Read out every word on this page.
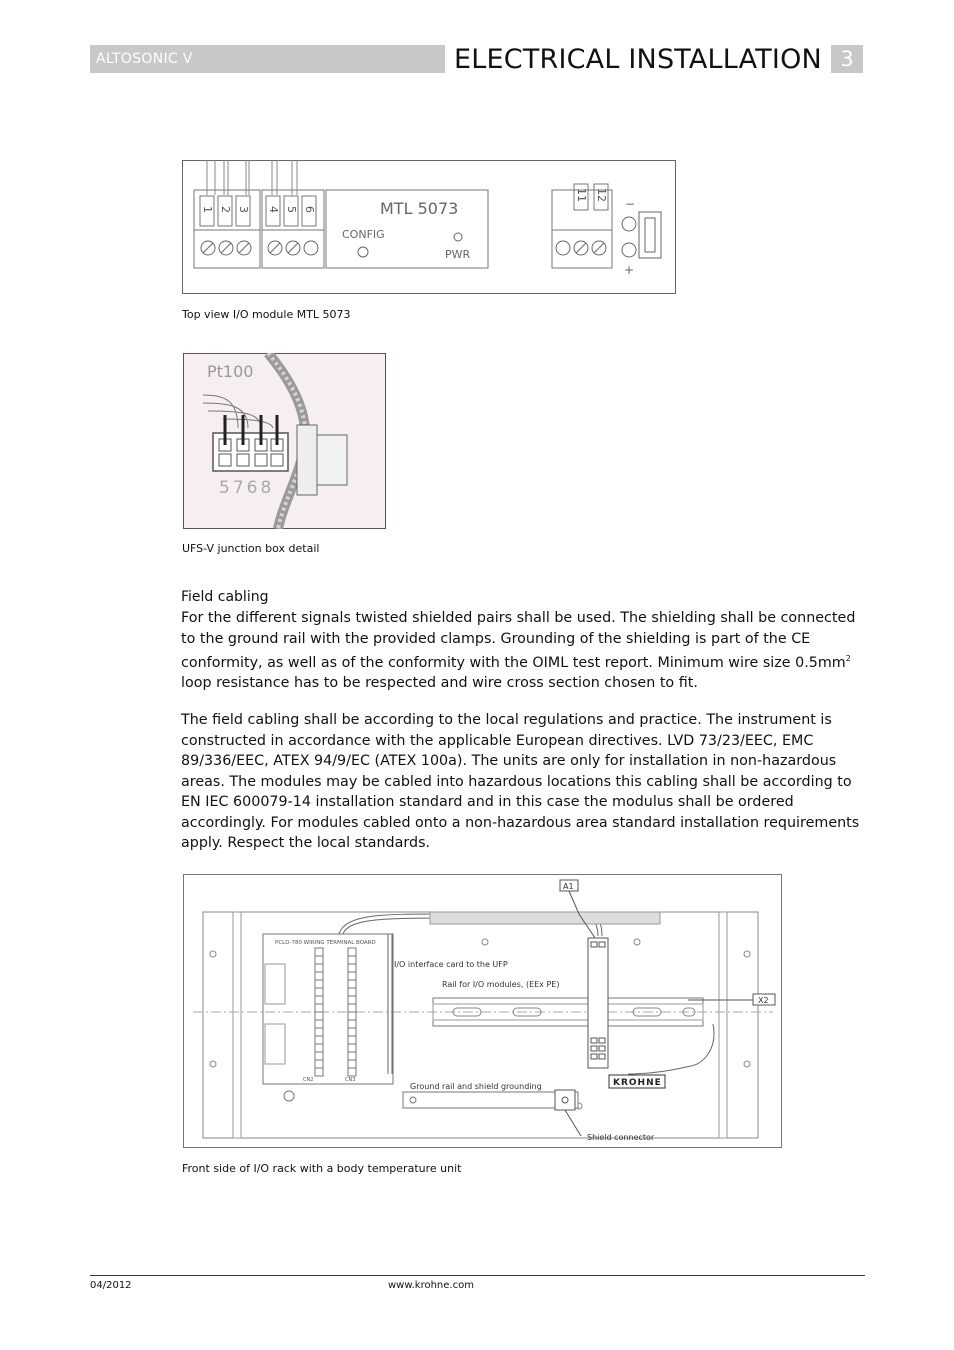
ALTOSONIC V	ELECTRICAL INSTALLATION 3
1 2 3 4 5 6
11 12
MTL 5073
CONFIG
PWR
−
+
Top view I/O module MTL 5073
Pt100
5768
UFS-V junction box detail
Field cabling

For the different signals twisted shielded pairs shall be used. The shielding shall be connected to the ground rail with the provided clamps. Grounding of the shielding is part of the CE conformity, as well as of the conformity with the OIML test report. Minimum wire size $0.5mm^2$ loop resistance has to be respected and wire cross section chosen to fit.

The field cabling shall be according to the local regulations and practice. The instrument is constructed in accordance with the applicable European directives. LVD 73/23/EEC, EMC 89/336/EEC, ATEX 94/9/EC (ATEX 100a). The units are only for installation in non-hazardous areas. The modules may be cabled into hazardous locations this cabling shall be according to EN IEC 600079-14 installation standard and in this case the modulus shall be ordered accordingly. For modules cabled onto a non-hazardous area standard installation requirements apply. Respect the local standards.

PCLD-780 WIRING TERMINAL BOARD
CN2	CN3
I/O interface card to the UFP
Rail for I/O modules, (EEx PE)
A1
X2
KROHNE
Ground rail and shield grounding
Shield connector
Front side of I/O rack with a body temperature unit
04/2012	www.krohne.com
